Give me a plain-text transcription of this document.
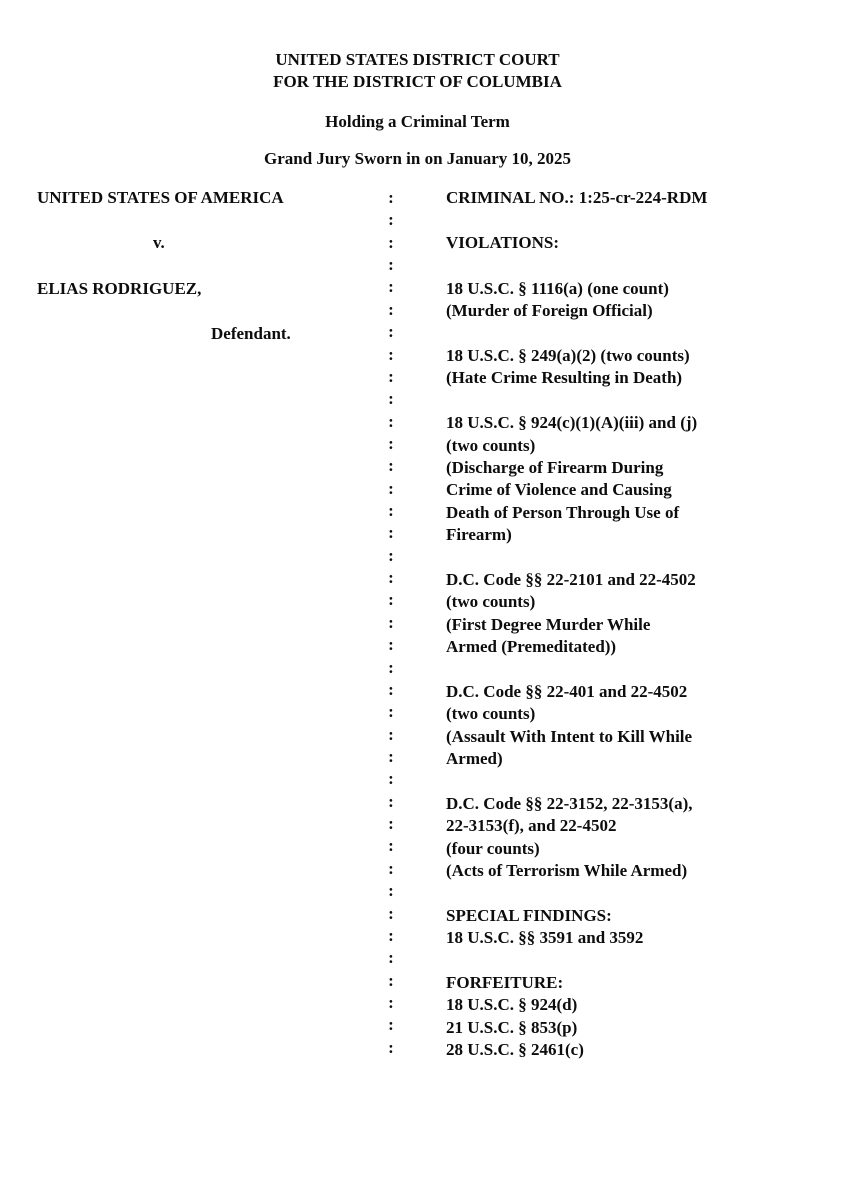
UNITED STATES DISTRICT COURT
FOR THE DISTRICT OF COLUMBIA
Holding a Criminal Term
Grand Jury Sworn in on January 10, 2025
UNITED STATES OF AMERICA
v.
ELIAS RODRIGUEZ,
Defendant.
:
:
:
:
:
:
:
:
:
:
:
:
:
:
:
:
:
:
:
:
:
:
:
:
:
:
:
:
:
:
:
:
:
:
:
:
:
:
:
CRIMINAL NO.: 1:25-cr-224-RDM
VIOLATIONS:
18 U.S.C. § 1116(a) (one count)
(Murder of Foreign Official)
18 U.S.C. § 249(a)(2) (two counts)
(Hate Crime Resulting in Death)
18 U.S.C. § 924(c)(1)(A)(iii) and (j)
(two counts)
(Discharge of Firearm During
Crime of Violence and Causing
Death of Person Through Use of
Firearm)
D.C. Code §§ 22-2101 and 22-4502
(two counts)
(First Degree Murder While
Armed (Premeditated))
D.C. Code §§ 22-401 and 22-4502
(two counts)
(Assault With Intent to Kill While
Armed)
D.C. Code §§ 22-3152, 22-3153(a),
22-3153(f), and 22-4502
(four counts)
(Acts of Terrorism While Armed)
SPECIAL FINDINGS:
18 U.S.C. §§ 3591 and 3592
FORFEITURE:
18 U.S.C. § 924(d)
21 U.S.C. § 853(p)
28 U.S.C. § 2461(c)
